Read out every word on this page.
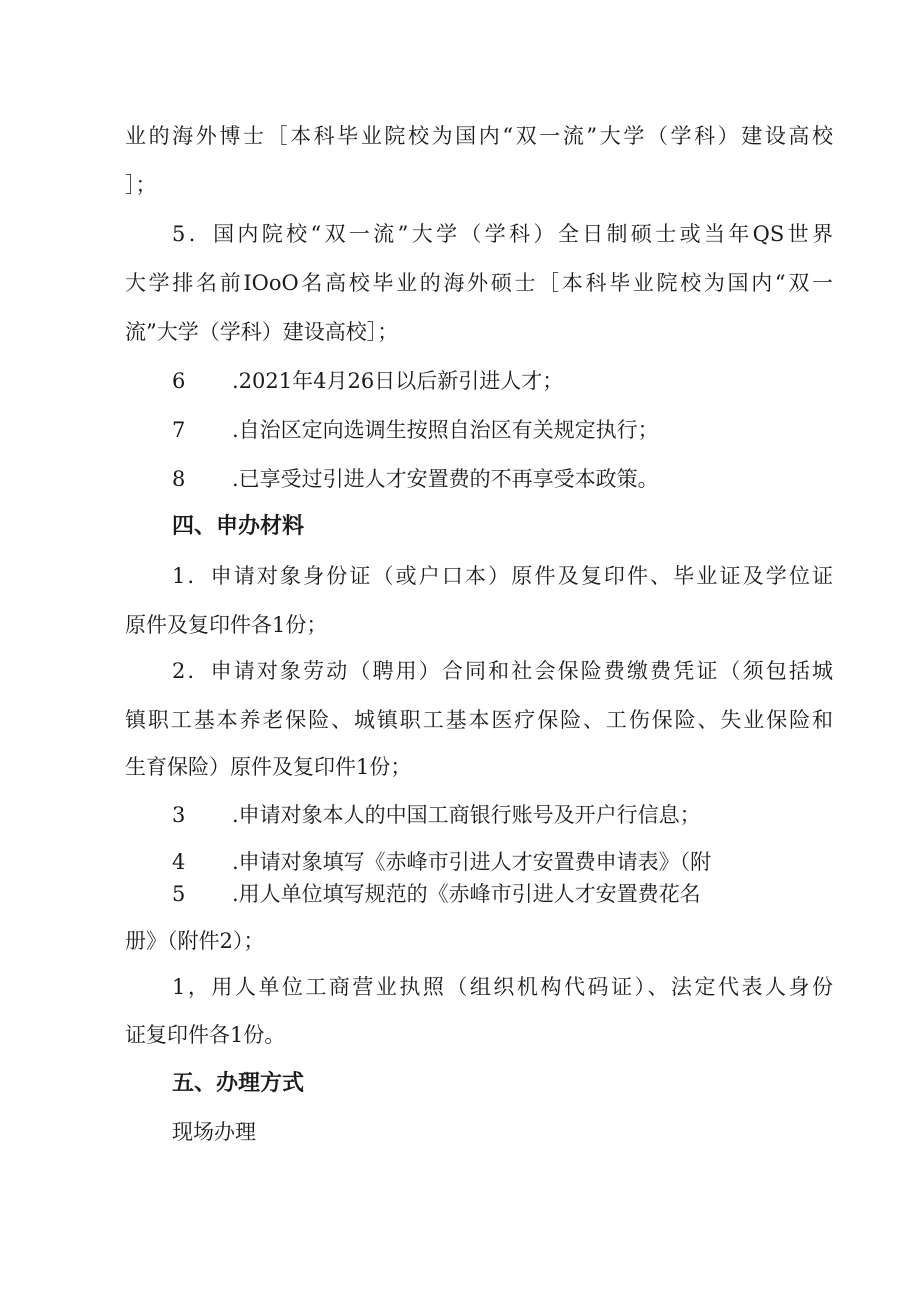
业的海外博士［本科毕业院校为国内“双一流”大学（学科）建设高校
］；
5．国内院校“双一流”大学（学科）全日制硕士或当年QS世界
大学排名前IOoO名高校毕业的海外硕士［本科毕业院校为国内“双一
流”大学（学科）建设高校］；
6 .2021年4月26日以后新引进人才；
7 .自治区定向选调生按照自治区有关规定执行；
8 .已享受过引进人才安置费的不再享受本政策。
四、申办材料
1．申请对象身份证（或户口本）原件及复印件、毕业证及学位证
原件及复印件各1份；
2．申请对象劳动（聘用）合同和社会保险费缴费凭证（须包括城
镇职工基本养老保险、城镇职工基本医疗保险、工伤保险、失业保险和
生育保险）原件及复印件1份；
3 .申请对象本人的中国工商银行账号及开户行信息；
4 .申请对象填写《赤峰市引进人才安置费申请表》（附
5 .用人单位填写规范的《赤峰市引进人才安置费花名
册》（附件2）；
1，用人单位工商营业执照（组织机构代码证）、法定代表人身份
证复印件各1份。
五、办理方式
现场办理
